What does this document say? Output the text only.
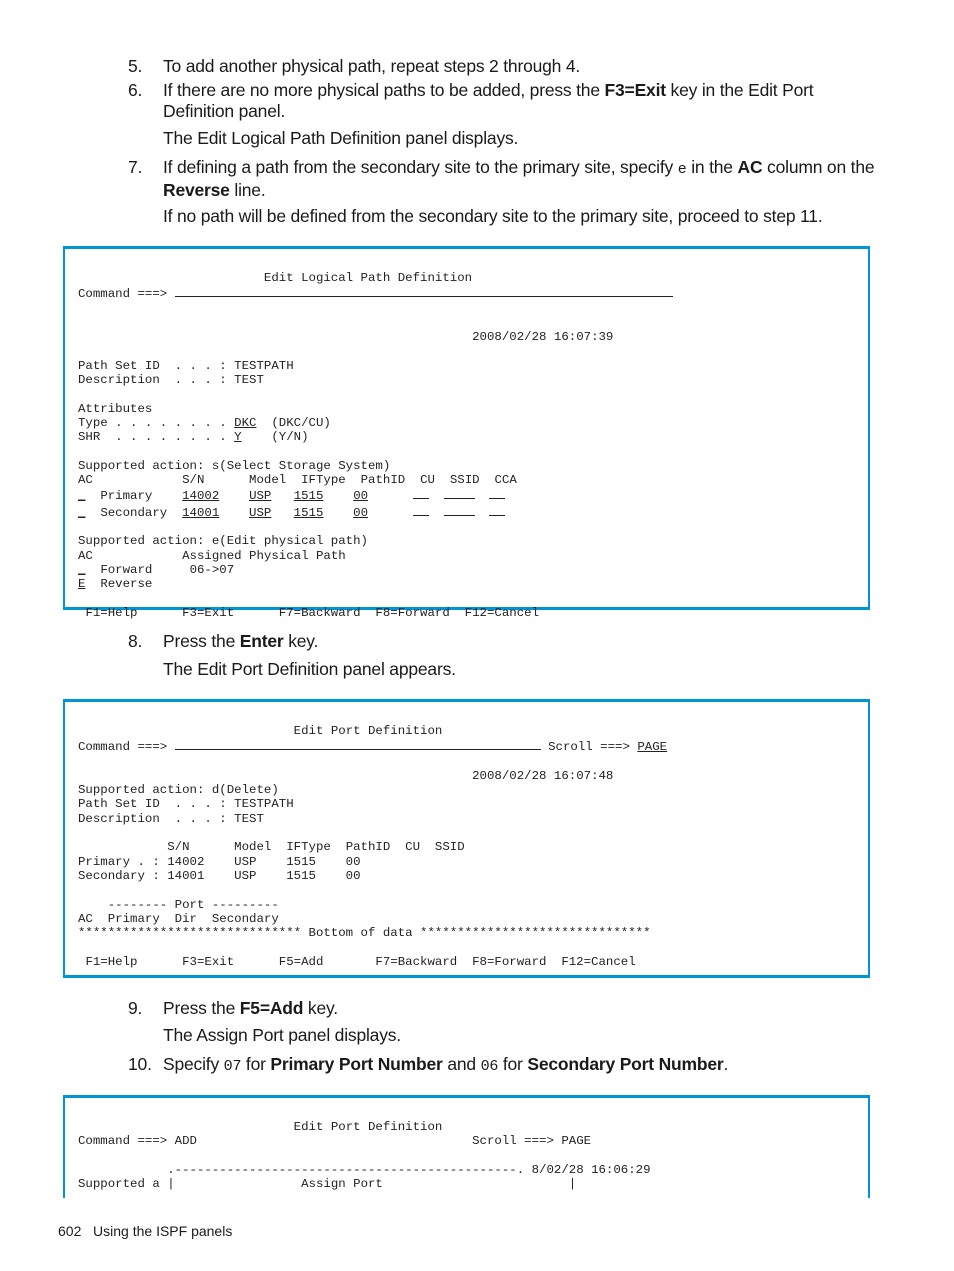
5. To add another physical path, repeat steps 2 through 4.
6. If there are no more physical paths to be added, press the F3=Exit key in the Edit Port Definition panel.
The Edit Logical Path Definition panel displays.
7. If defining a path from the secondary site to the primary site, specify e in the AC column on the Reverse line.
If no path will be defined from the secondary site to the primary site, proceed to step 11.
Edit Logical Path Definition
Command ===>

2008/02/28 16:07:39

Path Set ID  . . . : TESTPATH
Description  . . . : TEST

Attributes
Type . . . . . . . . DKC (DKC/CU)
SHR  . . . . . . . . Y (Y/N)

Supported action: s(Select Storage System)
AC	S/N	Model IFType PathID CU SSID CCA
_ Primary 14002 USP 1515 00
_ Secondary 14001 USP 1515 00

Supported action: e(Edit physical path)
AC	Assigned Physical Path
_ Forward	06->07
E Reverse

F1=Help      F3=Exit      F7=Backward  F8=Forward  F12=Cancel
8. Press the Enter key.
The Edit Port Definition panel appears.
Edit Port Definition
Command ===>	Scroll ===> PAGE

2008/02/28 16:07:48
Supported action: d(Delete)
Path Set ID  . . . : TESTPATH
Description  . . . : TEST

S/N      Model  IFType  PathID  CU  SSID
Primary . : 14002    USP    1515    00
Secondary : 14001    USP    1515    00

-------- Port ---------
AC  Primary  Dir  Secondary
****************************** Bottom of data *******************************

F1=Help      F3=Exit      F5=Add       F7=Backward  F8=Forward  F12=Cancel
9. Press the F5=Add key.
The Assign Port panel displays.
10. Specify 07 for Primary Port Number and 06 for Secondary Port Number.
Edit Port Definition
Command ===> ADD	Scroll ===> PAGE

.----------------------------------------------. 8/02/28 16:06:29
Supported a |	Assign Port	|
602 Using the ISPF panels
